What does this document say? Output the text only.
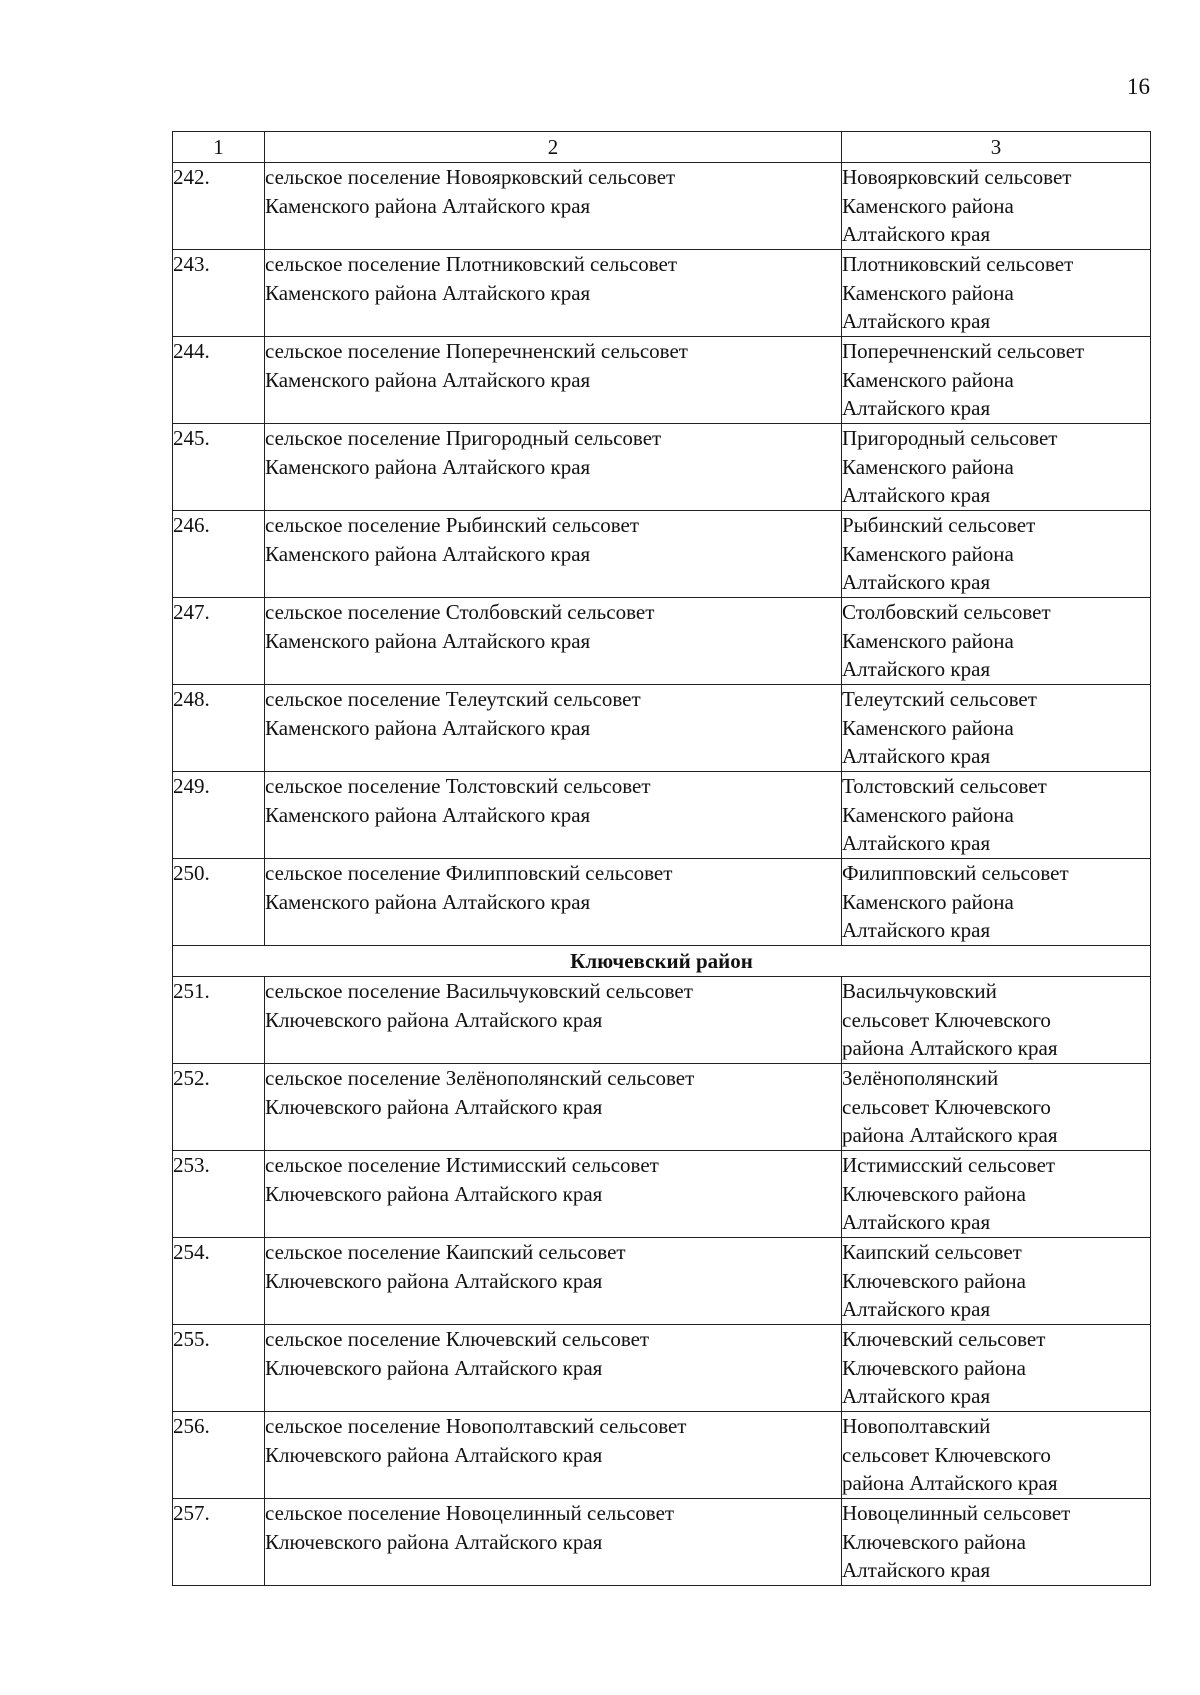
16
1	2	3
242.	сельское поселение Новоярковский сельсовет
Каменского района Алтайского края	Новоярковский сельсовет
Каменского района
Алтайского края

243.	сельское поселение Плотниковский сельсовет
Каменского района Алтайского края	Плотниковский сельсовет
Каменского района
Алтайского края

244.	сельское поселение Поперечненский сельсовет
Каменского района Алтайского края	Поперечненский сельсовет
Каменского района
Алтайского края

245.	сельское поселение Пригородный сельсовет
Каменского района Алтайского края	Пригородный сельсовет
Каменского района
Алтайского края

246.	сельское поселение Рыбинский сельсовет
Каменского района Алтайского края	Рыбинский сельсовет
Каменского района
Алтайского края

247.	сельское поселение Столбовский сельсовет
Каменского района Алтайского края	Столбовский сельсовет
Каменского района
Алтайского края

248.	сельское поселение Телеутский сельсовет
Каменского района Алтайского края	Телеутский сельсовет
Каменского района
Алтайского края

249.	сельское поселение Толстовский сельсовет
Каменского района Алтайского края	Толстовский сельсовет
Каменского района
Алтайского края

250.	сельское поселение Филипповский сельсовет
Каменского района Алтайского края	Филипповский сельсовет
Каменского района
Алтайского края

Ключевский район		
251.	сельское поселение Васильчуковский сельсовет
Ключевского района Алтайского края	Васильчуковский
сельсовет Ключевского
района Алтайского края

252.	сельское поселение Зелёнополянский сельсовет
Ключевского района Алтайского края	Зелёнополянский
сельсовет Ключевского
района Алтайского края

253.	сельское поселение Истимисский сельсовет
Ключевского района Алтайского края	Истимисский сельсовет
Ключевского района
Алтайского края

254.	сельское поселение Каипский сельсовет
Ключевского района Алтайского края	Каипский сельсовет
Ключевского района
Алтайского края

255.	сельское поселение Ключевский сельсовет
Ключевского района Алтайского края	Ключевский сельсовет
Ключевского района
Алтайского края

256.	сельское поселение Новополтавский сельсовет
Ключевского района Алтайского края	Новополтавский
сельсовет Ключевского
района Алтайского края

257.	сельское поселение Новоцелинный сельсовет
Ключевского района Алтайского края	Новоцелинный сельсовет
Ключевского района
Алтайского края
